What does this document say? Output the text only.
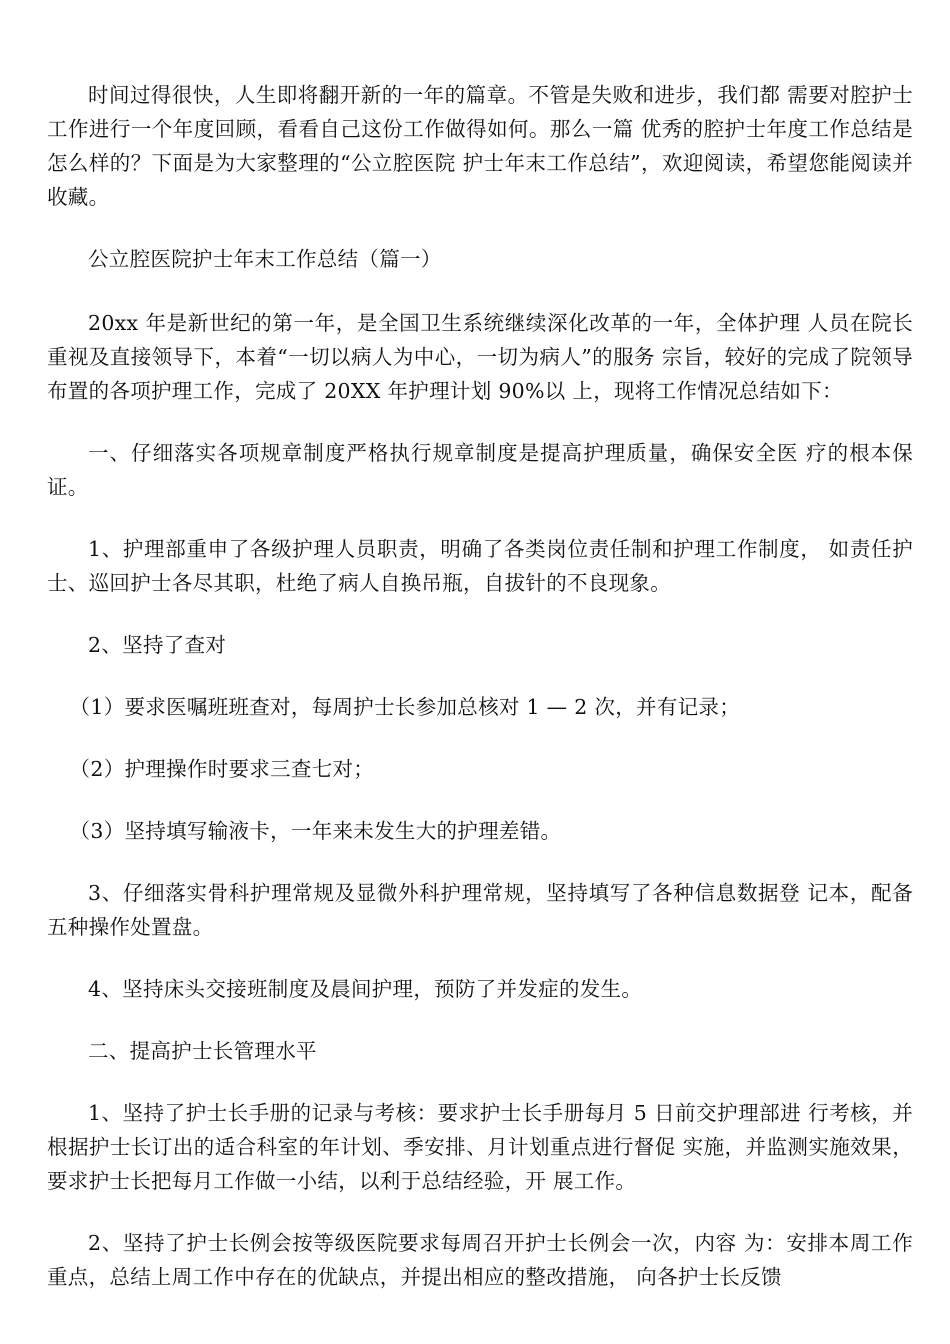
时间过得很快，人生即将翻开新的一年的篇章。不管是失败和进步，我们都 需要对腔护士工作进行一个年度回顾，看看自己这份工作做得如何。那么一篇 优秀的腔护士年度工作总结是怎么样的？下面是为大家整理的“公立腔医院 护士年末工作总结”，欢迎阅读，希望您能阅读并收藏。

公立腔医院护士年末工作总结（篇一）

20xx 年是新世纪的第一年，是全国卫生系统继续深化改革的一年，全体护理 人员在院长重视及直接领导下，本着“一切以病人为中心，一切为病人”的服务 宗旨，较好的完成了院领导布置的各项护理工作，完成了 20XX 年护理计划 90%以 上，现将工作情况总结如下：

一、仔细落实各项规章制度严格执行规章制度是提高护理质量，确保安全医 疗的根本保证。

1、护理部重申了各级护理人员职责，明确了各类岗位责任制和护理工作制度， 如责任护士、巡回护士各尽其职，杜绝了病人自换吊瓶，自拔针的不良现象。

2、坚持了查对

（1）要求医嘱班班查对，每周护士长参加总核对 1 — 2 次，并有记录；

（2）护理操作时要求三查七对；

（3）坚持填写输液卡，一年来未发生大的护理差错。

3、仔细落实骨科护理常规及显微外科护理常规，坚持填写了各种信息数据登 记本，配备五种操作处置盘。

4、坚持床头交接班制度及晨间护理，预防了并发症的发生。

二、提高护士长管理水平

1、坚持了护士长手册的记录与考核：要求护士长手册每月 5 日前交护理部进 行考核，并根据护士长订出的适合科室的年计划、季安排、月计划重点进行督促 实施，并监测实施效果，要求护士长把每月工作做一小结，以利于总结经验，开 展工作。

2、坚持了护士长例会按等级医院要求每周召开护士长例会一次，内容 为：安排本周工作重点，总结上周工作中存在的优缺点，并提出相应的整改措施， 向各护士长反馈
